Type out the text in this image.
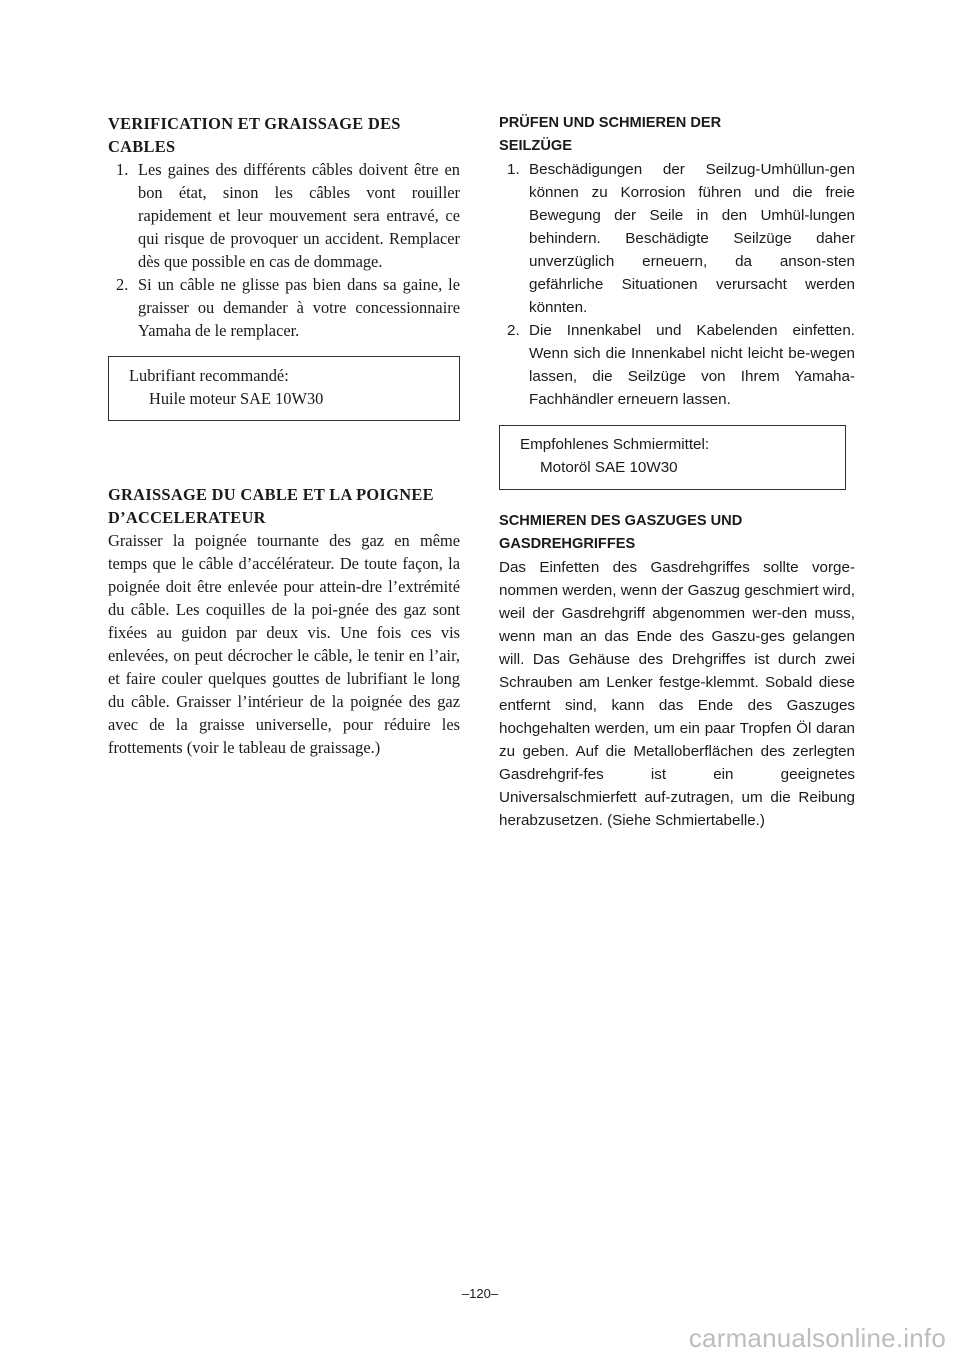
VERIFICATION ET GRAISSAGE DES
CABLES

1. Les gaines des différents câbles doivent être en bon état, sinon les câbles vont rouiller rapidement et leur mouvement sera entravé, ce qui risque de provoquer un accident. Remplacer dès que possible en cas de dommage.
2. Si un câble ne glisse pas bien dans sa gaine, le graisser ou demander à votre concessionnaire Yamaha de le remplacer.
Lubrifiant recommandé:
Huile moteur SAE 10W30

GRAISSAGE DU CABLE ET LA POIGNEE
D’ACCELERATEUR

Graisser la poignée tournante des gaz en même temps que le câble d’accélérateur. De toute façon, la poignée doit être enlevée pour attein-dre l’extrémité du câble. Les coquilles de la poi-gnée des gaz sont fixées au guidon par deux vis. Une fois ces vis enlevées, on peut décrocher le câble, le tenir en l’air, et faire couler quelques gouttes de lubrifiant le long du câble. Graisser l’intérieur de la poignée des gaz avec de la graisse universelle, pour réduire les frottements (voir le tableau de graissage.)

PRÜFEN UND SCHMIEREN DER
SEILZÜGE

1. Beschädigungen der Seilzug-Umhüllun-gen können zu Korrosion führen und die freie Bewegung der Seile in den Umhül-lungen behindern. Beschädigte Seilzüge daher unverzüglich erneuern, da anson-sten gefährliche Situationen verursacht werden könnten.
2. Die Innenkabel und Kabelenden einfetten. Wenn sich die Innenkabel nicht leicht be-wegen lassen, die Seilzüge von Ihrem Yamaha-Fachhändler erneuern lassen.
Empfohlenes Schmiermittel:
Motoröl SAE 10W30

SCHMIEREN DES GASZUGES UND
GASDREHGRIFFES

Das Einfetten des Gasdrehgriffes sollte vorge-nommen werden, wenn der Gaszug geschmiert wird, weil der Gasdrehgriff abgenommen wer-den muss, wenn man an das Ende des Gaszu-ges gelangen will. Das Gehäuse des Drehgriffes ist durch zwei Schrauben am Lenker festge-klemmt. Sobald diese entfernt sind, kann das Ende des Gaszuges hochgehalten werden, um ein paar Tropfen Öl daran zu geben. Auf die Metalloberflächen des zerlegten Gasdrehgrif-fes ist ein geeignetes Universalschmierfett auf-zutragen, um die Reibung herabzusetzen. (Siehe Schmiertabelle.)

–120–
carmanualsonline.info
